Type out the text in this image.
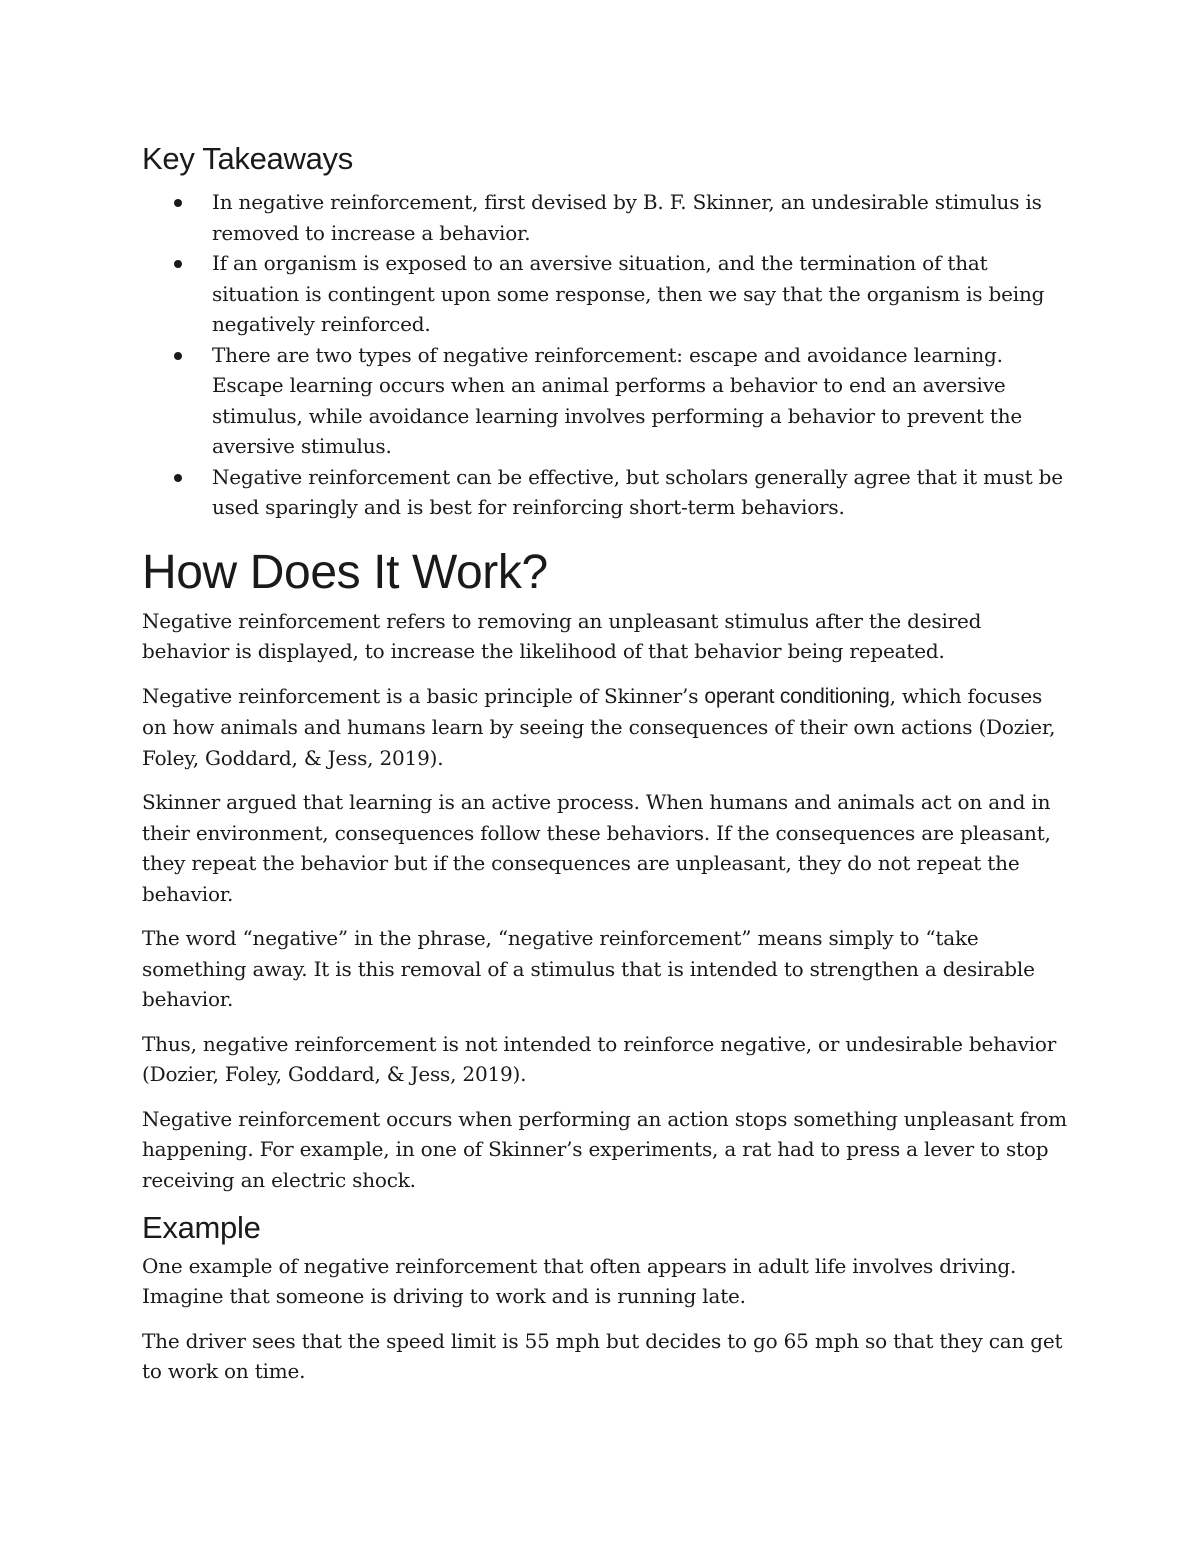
Key Takeaways
In negative reinforcement, first devised by B. F. Skinner, an undesirable stimulus is removed to increase a behavior.
If an organism is exposed to an aversive situation, and the termination of that situation is contingent upon some response, then we say that the organism is being negatively reinforced.
There are two types of negative reinforcement: escape and avoidance learning. Escape learning occurs when an animal performs a behavior to end an aversive stimulus, while avoidance learning involves performing a behavior to prevent the aversive stimulus.
Negative reinforcement can be effective, but scholars generally agree that it must be used sparingly and is best for reinforcing short-term behaviors.
How Does It Work?

Negative reinforcement refers to removing an unpleasant stimulus after the desired behavior is displayed, to increase the likelihood of that behavior being repeated.

Negative reinforcement is a basic principle of Skinner’s operant conditioning, which focuses on how animals and humans learn by seeing the consequences of their own actions (Dozier, Foley, Goddard, & Jess, 2019).

Skinner argued that learning is an active process. When humans and animals act on and in their environment, consequences follow these behaviors. If the consequences are pleasant, they repeat the behavior but if the consequences are unpleasant, they do not repeat the behavior.

The word “negative” in the phrase, “negative reinforcement” means simply to “take something away. It is this removal of a stimulus that is intended to strengthen a desirable behavior.

Thus, negative reinforcement is not intended to reinforce negative, or undesirable behavior (Dozier, Foley, Goddard, & Jess, 2019).

Negative reinforcement occurs when performing an action stops something unpleasant from happening. For example, in one of Skinner’s experiments, a rat had to press a lever to stop receiving an electric shock.

Example

One example of negative reinforcement that often appears in adult life involves driving. Imagine that someone is driving to work and is running late.

The driver sees that the speed limit is 55 mph but decides to go 65 mph so that they can get to work on time.
